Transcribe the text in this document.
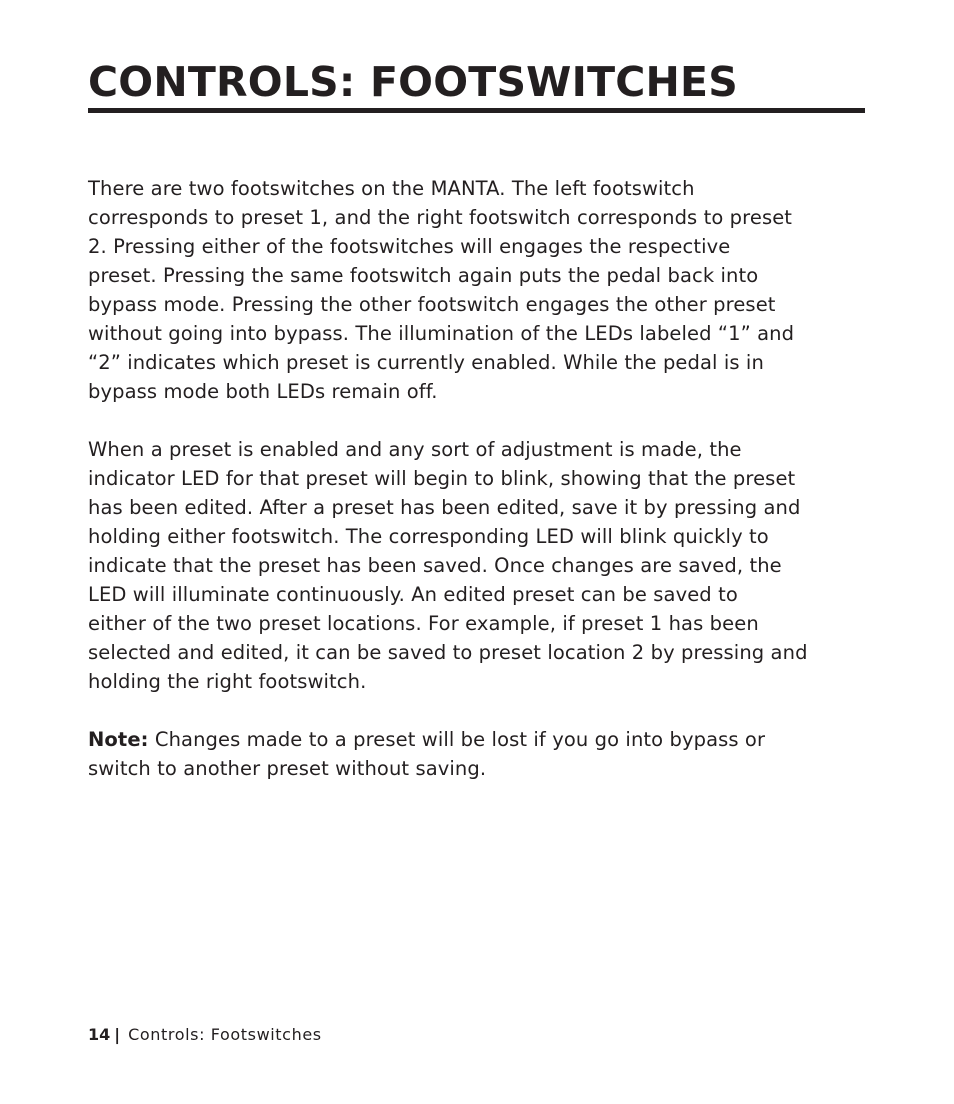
CONTROLS: FOOTSWITCHES

There are two footswitches on the MANTA. The left footswitch
corresponds to preset 1, and the right footswitch corresponds to preset
2. Pressing either of the footswitches will engages the respective
preset. Pressing the same footswitch again puts the pedal back into
bypass mode. Pressing the other footswitch engages the other preset
without going into bypass. The illumination of the LEDs labeled “1” and
“2” indicates which preset is currently enabled. While the pedal is in
bypass mode both LEDs remain off.

When a preset is enabled and any sort of adjustment is made, the
indicator LED for that preset will begin to blink, showing that the preset
has been edited. After a preset has been edited, save it by pressing and
holding either footswitch. The corresponding LED will blink quickly to
indicate that the preset has been saved. Once changes are saved, the
LED will illuminate continuously. An edited preset can be saved to
either of the two preset locations. For example, if preset 1 has been
selected and edited, it can be saved to preset location 2 by pressing and
holding the right footswitch.

Note: Changes made to a preset will be lost if you go into bypass or
switch to another preset without saving.

14 | Controls: Footswitches
